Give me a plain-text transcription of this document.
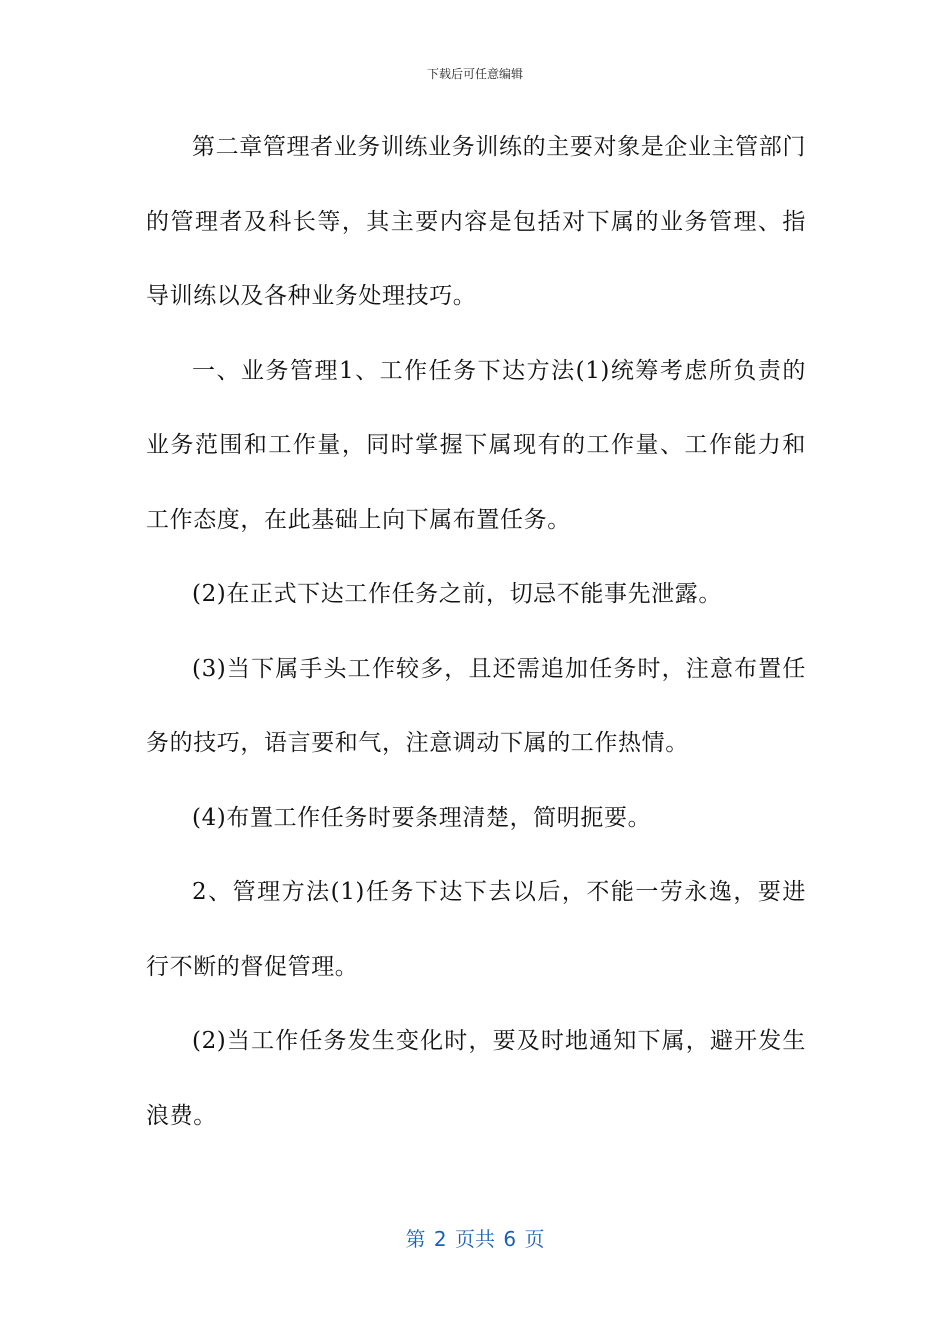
下载后可任意编辑

第二章管理者业务训练业务训练的主要对象是企业主管部门的管理者及科长等，其主要内容是包括对下属的业务管理、指导训练以及各种业务处理技巧。

一、业务管理1、工作任务下达方法(1)统筹考虑所负责的业务范围和工作量，同时掌握下属现有的工作量、工作能力和工作态度，在此基础上向下属布置任务。

(2)在正式下达工作任务之前，切忌不能事先泄露。

(3)当下属手头工作较多，且还需追加任务时，注意布置任务的技巧，语言要和气，注意调动下属的工作热情。

(4)布置工作任务时要条理清楚，简明扼要。

2、管理方法(1)任务下达下去以后，不能一劳永逸，要进行不断的督促管理。

(2)当工作任务发生变化时，要及时地通知下属，避开发生浪费。

第 2 页共 6 页
